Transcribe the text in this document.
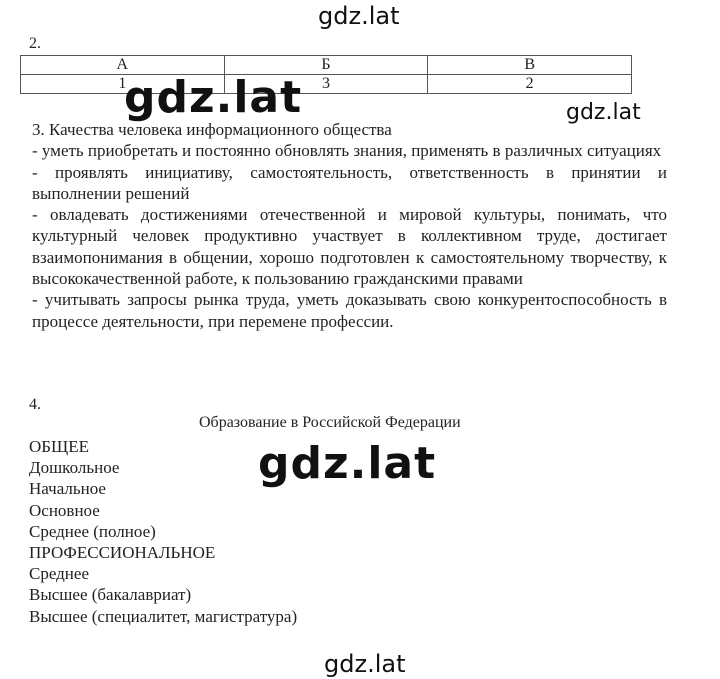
gdz.lat
2.
А	Б	В
1	3	2
gdz.lat	gdz.lat

3. Качества человека информационного общества

- уметь приобретать и постоянно обновлять знания, применять в различных ситуациях

- проявлять инициативу, самостоятельность, ответственность в принятии и выполнении решений

- овладевать достижениями отечественной и мировой культуры, понимать, что культурный человек продуктивно участвует в коллективном труде, достигает взаимопонимания в общении, хорошо подготовлен к самостоятельному творчеству, к высококачественной работе, к пользованию гражданскими правами

- учитывать запросы рынка труда, уметь доказывать свою конкурентоспособность в процессе деятельности, при перемене профессии.

4.
Образование в Российской Федерации
ОБЩЕЕ
Дошкольное
Начальное
Основное
Среднее (полное)
ПРОФЕССИОНАЛЬНОЕ
Среднее
Высшее (бакалавриат)
Высшее (специалитет, магистратура)
gdz.lat
gdz.lat
